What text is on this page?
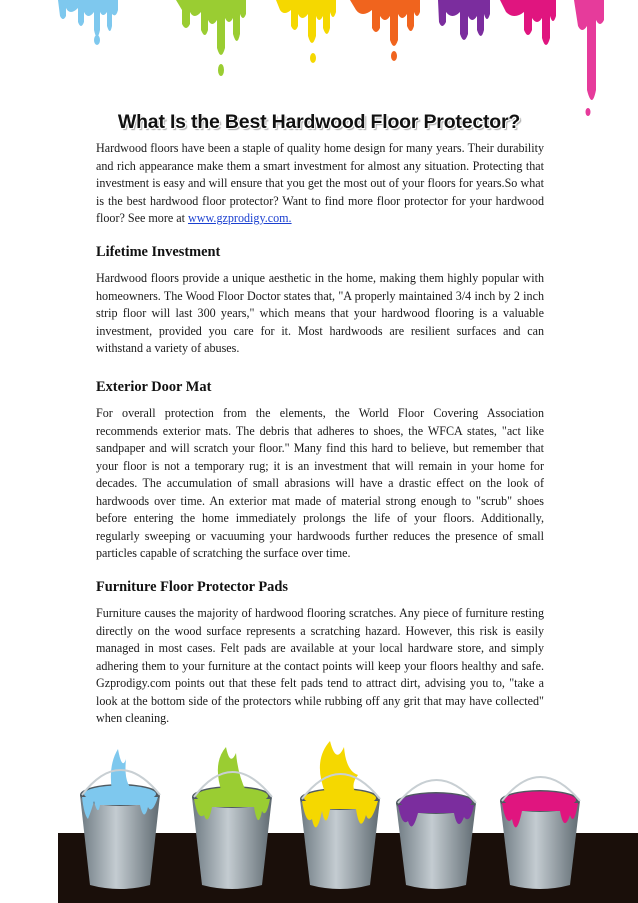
What Is the Best Hardwood Floor Protector?

Hardwood floors have been a staple of quality home design for many years. Their durability and rich appearance make them a smart investment for almost any situation. Protecting that investment is easy and will ensure that you get the most out of your floors for years.So what is the best hardwood floor protector? Want to find more floor protector for your hardwood floor? See more at www.gzprodigy.com.

Lifetime Investment

Hardwood floors provide a unique aesthetic in the home, making them highly popular with homeowners. The Wood Floor Doctor states that, "A properly maintained 3/4 inch by 2 inch strip floor will last 300 years," which means that your hardwood flooring is a valuable investment, provided you care for it. Most hardwoods are resilient surfaces and can withstand a variety of abuses.

Exterior Door Mat

For overall protection from the elements, the World Floor Covering Association recommends exterior mats. The debris that adheres to shoes, the WFCA states, "act like sandpaper and will scratch your floor." Many find this hard to believe, but remember that your floor is not a temporary rug; it is an investment that will remain in your home for decades. The accumulation of small abrasions will have a drastic effect on the look of hardwoods over time. An exterior mat made of material strong enough to "scrub" shoes before entering the home immediately prolongs the life of your floors. Additionally, regularly sweeping or vacuuming your hardwoods further reduces the presence of small particles capable of scratching the surface over time.

Furniture Floor Protector Pads

Furniture causes the majority of hardwood flooring scratches. Any piece of furniture resting directly on the wood surface represents a scratching hazard. However, this risk is easily managed in most cases. Felt pads are available at your local hardware store, and simply adhering them to your furniture at the contact points will keep your floors healthy and safe. Gzprodigy.com points out that these felt pads tend to attract dirt, advising you to, "take a look at the bottom side of the protectors while rubbing off any grit that may have collected" when cleaning.
